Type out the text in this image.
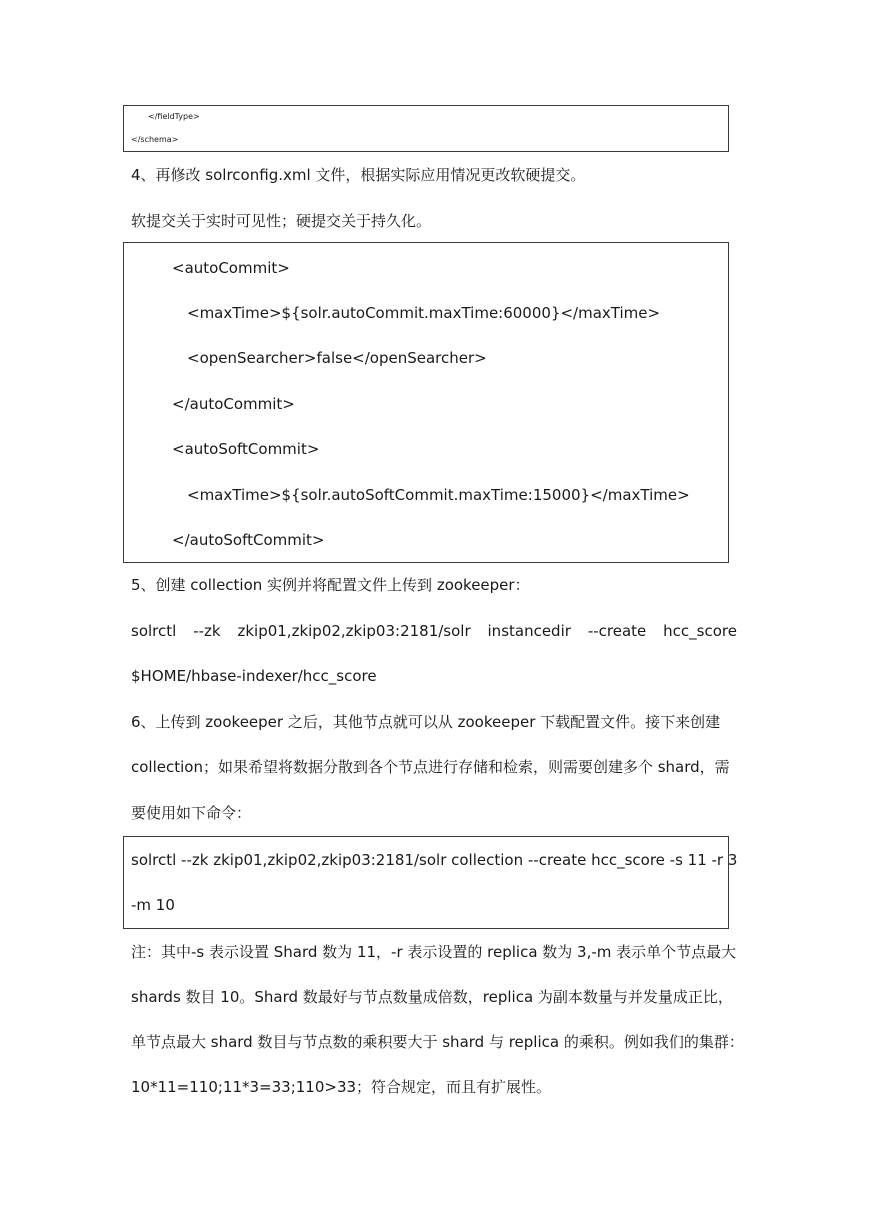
</fieldType>
</schema>
4、再修改 solrconfig.xml 文件，根据实际应用情况更改软硬提交。
软提交关于实时可见性；硬提交关于持久化。
<autoCommit>
<maxTime>${solr.autoCommit.maxTime:60000}</maxTime>
<openSearcher>false</openSearcher>
</autoCommit>
<autoSoftCommit>
<maxTime>${solr.autoSoftCommit.maxTime:15000}</maxTime>
</autoSoftCommit>
5、创建 collection 实例并将配置文件上传到 zookeeper：
solrctl --zk zkip01,zkip02,zkip03:2181/solr instancedir --create hcc_score
$HOME/hbase-indexer/hcc_score
6、上传到 zookeeper 之后，其他节点就可以从 zookeeper 下载配置文件。接下来创建
collection；如果希望将数据分散到各个节点进行存储和检索，则需要创建多个 shard，需
要使用如下命令：
solrctl --zk zkip01,zkip02,zkip03:2181/solr collection --create hcc_score -s 11 -r 3
-m 10
注：其中-s 表示设置 Shard 数为 11，-r 表示设置的 replica 数为 3,-m 表示单个节点最大
shards 数目 10。Shard 数最好与节点数量成倍数，replica 为副本数量与并发量成正比，
单节点最大 shard 数目与节点数的乘积要大于 shard 与 replica 的乘积。例如我们的集群：
10*11=110;11*3=33;110>33；符合规定，而且有扩展性。
